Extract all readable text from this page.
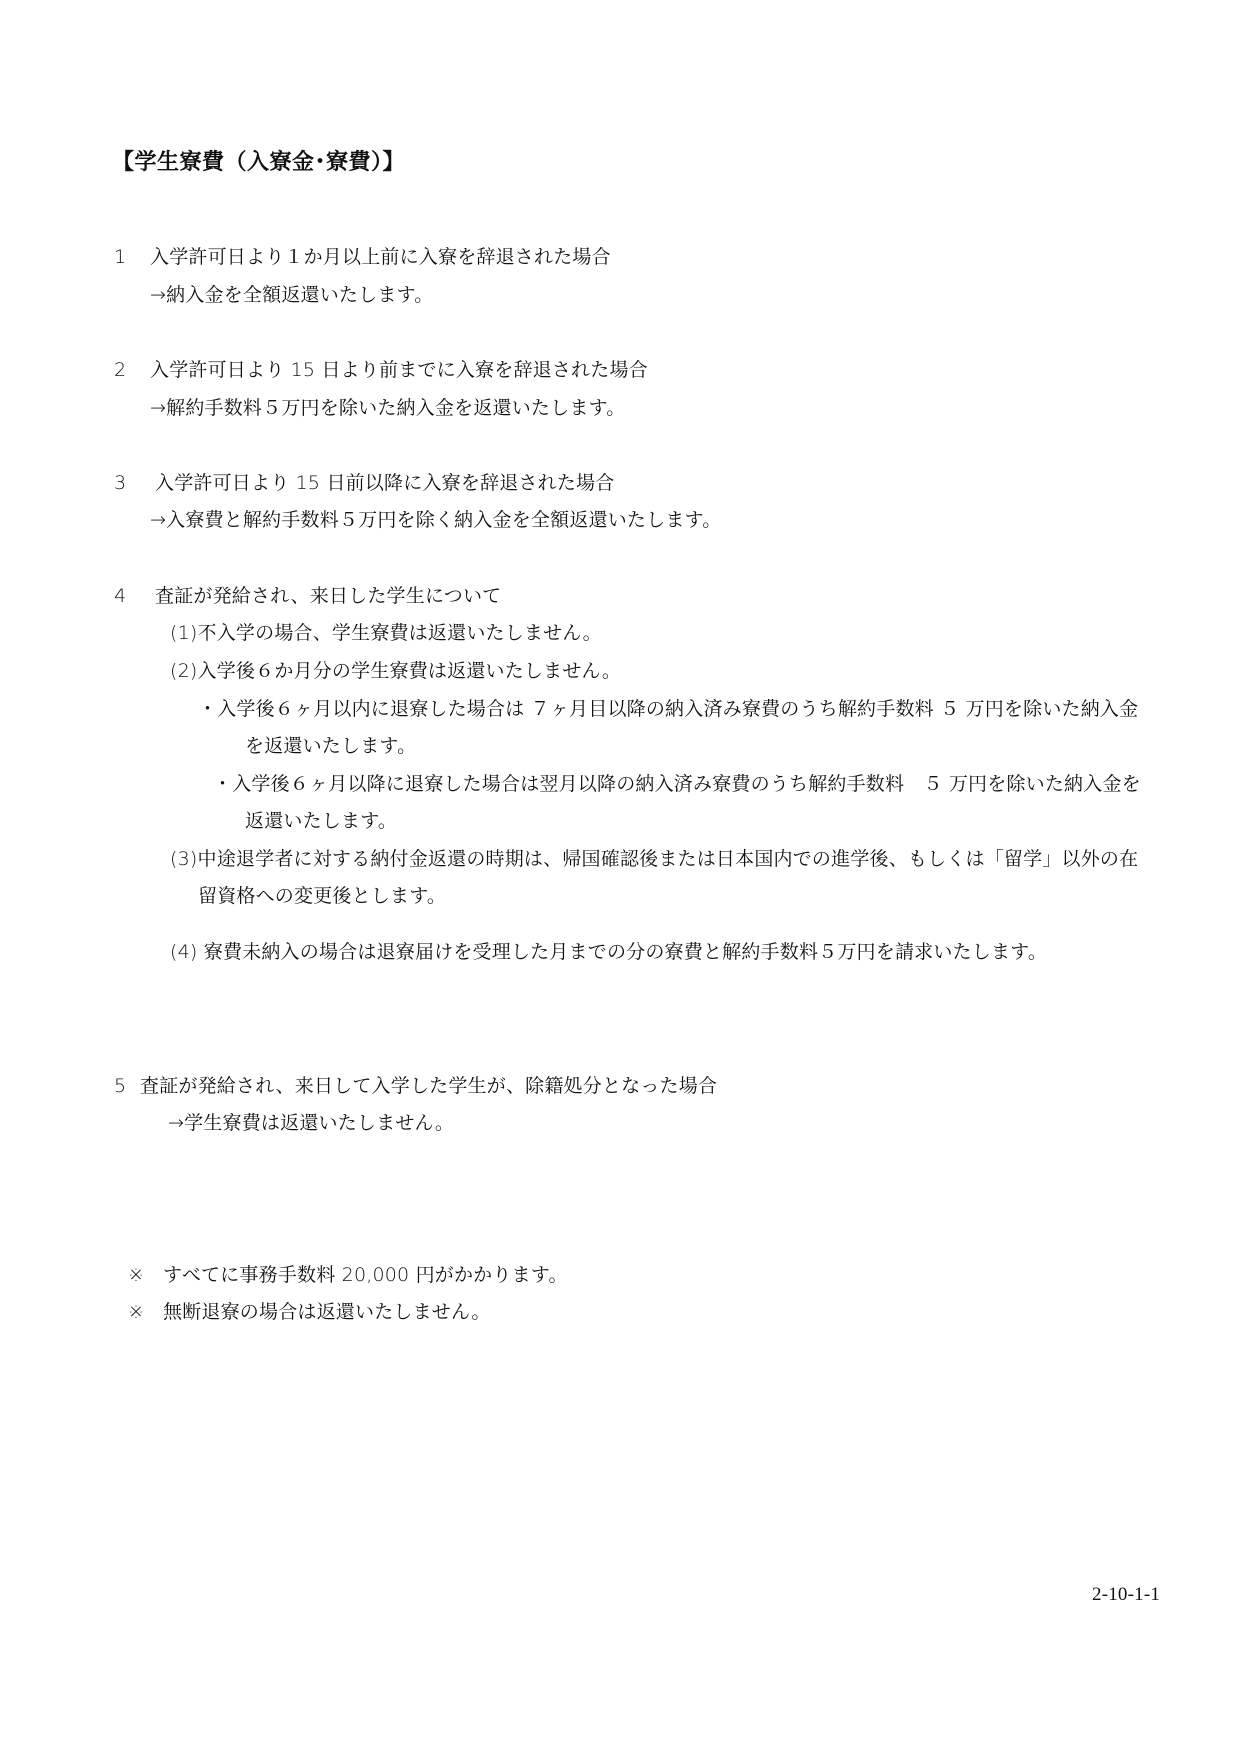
【学生寮費（入寮金･寮費）】
1 入学許可日より１か月以上前に入寮を辞退された場合
→納入金を全額返還いたします。
2 入学許可日より 15 日より前までに入寮を辞退された場合
→解約手数料５万円を除いた納入金を返還いたします。
3 入学許可日より 15 日前以降に入寮を辞退された場合
→入寮費と解約手数料５万円を除く納入金を全額返還いたします。
4 査証が発給され、来日した学生について
(1)不入学の場合、学生寮費は返還いたしません。
(2)入学後６か月分の学生寮費は返還いたしません。
・入学後６ヶ月以内に退寮した場合は ７ヶ月目以降の納入済み寮費のうち解約手数料 ５ 万円を除いた納入金
を返還いたします。
・入学後６ヶ月以降に退寮した場合は翌月以降の納入済み寮費のうち解約手数料　５ 万円を除いた納入金を
返還いたします。
(3)中途退学者に対する納付金返還の時期は、帰国確認後または日本国内での進学後、もしくは「留学」以外の在
留資格への変更後とします。
(4) 寮費未納入の場合は退寮届けを受理した月までの分の寮費と解約手数料５万円を請求いたします。
5 査証が発給され、来日して入学した学生が、除籍処分となった場合
→学生寮費は返還いたしません。
※ すべてに事務手数料 20,000 円がかかります。
※ 無断退寮の場合は返還いたしません。
2-10-1-1
